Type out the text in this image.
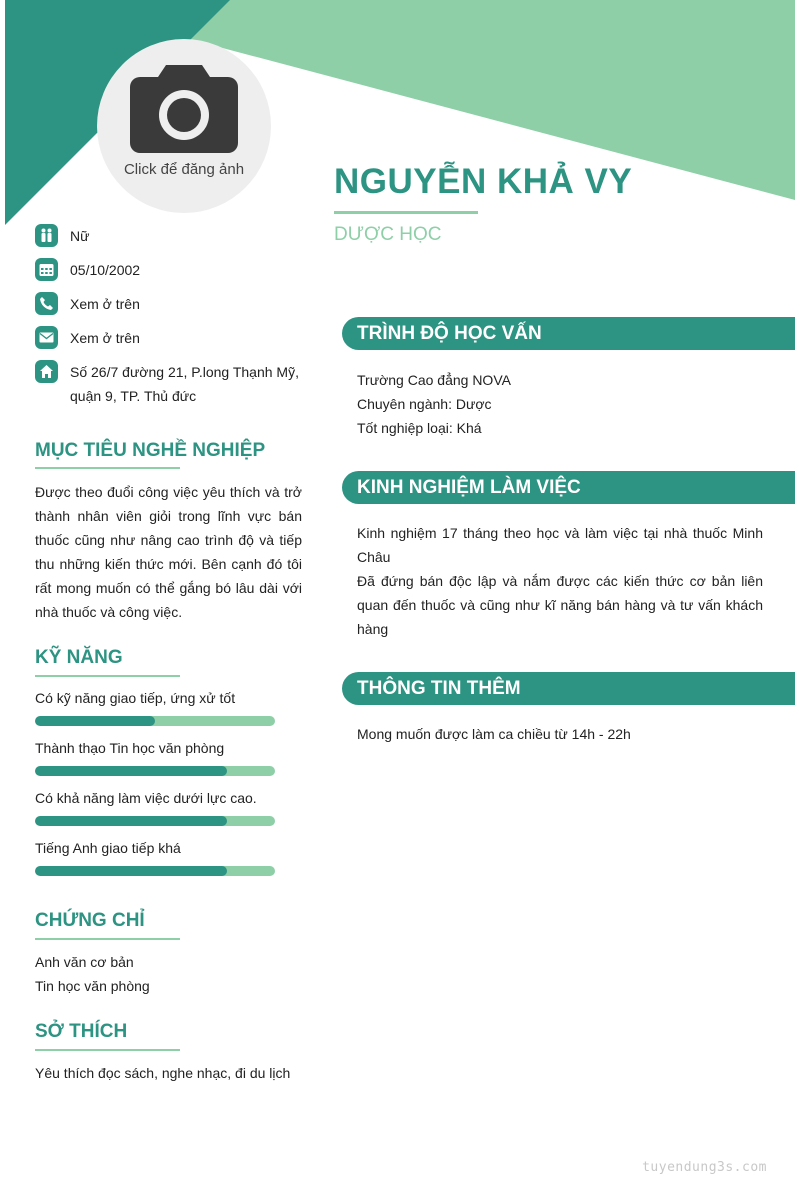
Click để đăng ảnh	NGUYỄN KHẢ VY
DƯỢC HỌC
Nữ
05/10/2002
Xem ở trên
Xem ở trên
Số 26/7 đường 21, P.long Thạnh Mỹ,
quận 9, TP. Thủ đức
MỤC TIÊU NGHỀ NGHIỆP

Được theo đuổi công việc yêu thích và trở thành nhân viên giỏi trong lĩnh vực bán thuốc cũng như nâng cao trình độ và tiếp thu những kiến thức mới. Bên cạnh đó tôi rất mong muốn có thể gắng bó lâu dài với nhà thuốc và công việc.

KỸ NĂNG
Có kỹ năng giao tiếp, ứng xử tốt
Thành thạo Tin học văn phòng
Có khả năng làm việc dưới lực cao.
Tiếng Anh giao tiếp khá
CHỨNG CHỈ
Anh văn cơ bản
Tin học văn phòng
SỞ THÍCH
Yêu thích đọc sách, nghe nhạc, đi du lịch
TRÌNH ĐỘ HỌC VẤN
Trường Cao đẳng NOVA
Chuyên ngành: Dược
Tốt nghiệp loại: Khá
KINH NGHIỆM LÀM VIỆC
Kinh nghiệm 17 tháng theo học và làm việc tại nhà thuốc Minh Châu
Đã đứng bán độc lập và nắm được các kiến thức cơ bản liên quan đến thuốc và cũng như kĩ năng bán hàng và tư vấn khách hàng
THÔNG TIN THÊM
Mong muốn được làm ca chiều từ 14h - 22h
tuyendung3s.com
